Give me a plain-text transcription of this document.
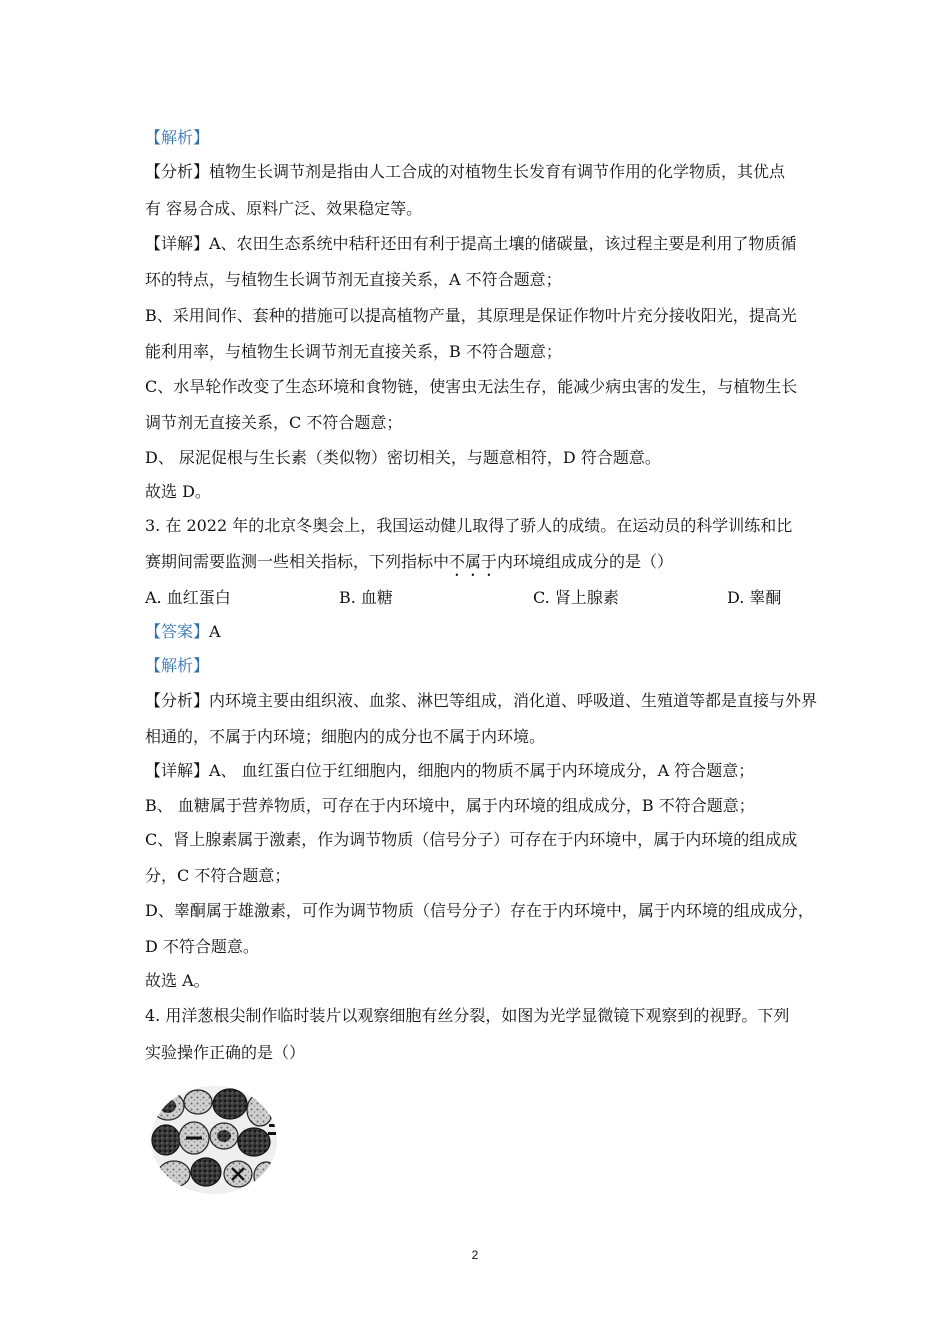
【解析】
【分析】植物生长调节剂是指由人工合成的对植物生长发育有调节作用的化学物质，其优点
有 容易合成、原料广泛、效果稳定等。
【详解】A、农田生态系统中秸秆还田有利于提高土壤的储碳量，该过程主要是利用了物质循
环的特点，与植物生长调节剂无直接关系，A 不符合题意；
B、采用间作、套种的措施可以提高植物产量，其原理是保证作物叶片充分接收阳光，提高光
能利用率，与植物生长调节剂无直接关系，B 不符合题意；
C、水旱轮作改变了生态环境和食物链，使害虫无法生存，能减少病虫害的发生，与植物生长
调节剂无直接关系，C 不符合题意；
D、 尿泥促根与生长素（类似物）密切相关，与题意相符，D 符合题意。
故选 D。
3. 在 2022 年的北京冬奥会上，我国运动健儿取得了骄人的成绩。在运动员的科学训练和比
赛期间需要监测一些相关指标，下列指标中不属于内环境组成成分的是（）
A. 血红蛋白	B. 血糖	C. 肾上腺素	D. 睾酮
【答案】A
【解析】
【分析】内环境主要由组织液、血浆、淋巴等组成，消化道、呼吸道、生殖道等都是直接与外界
相通的，不属于内环境；细胞内的成分也不属于内环境。
【详解】A、 血红蛋白位于红细胞内，细胞内的物质不属于内环境成分，A 符合题意；
B、 血糖属于营养物质，可存在于内环境中，属于内环境的组成成分，B 不符合题意；
C、肾上腺素属于激素，作为调节物质（信号分子）可存在于内环境中，属于内环境的组成成
分，C 不符合题意；
D、睾酮属于雄激素，可作为调节物质（信号分子）存在于内环境中，属于内环境的组成成分，
D 不符合题意。
故选 A。
4. 用洋葱根尖制作临时装片以观察细胞有丝分裂，如图为光学显微镜下观察到的视野。下列
实验操作正确的是（）
2
